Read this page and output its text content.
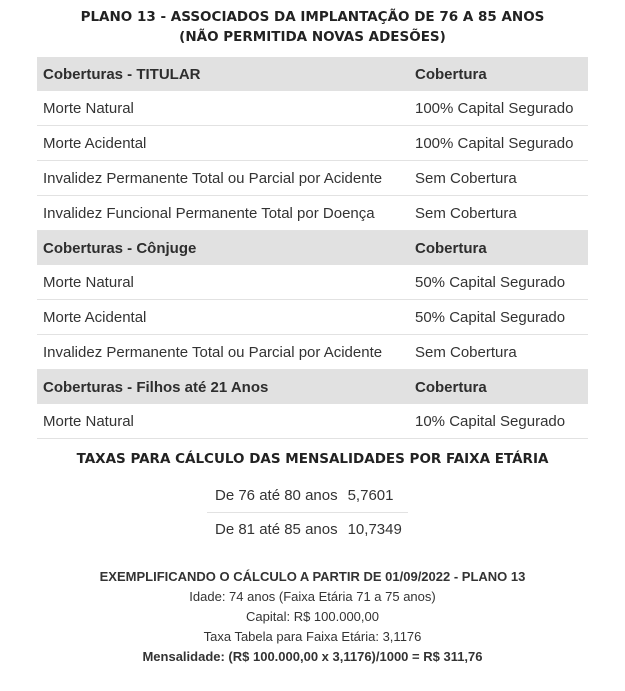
PLANO 13 - ASSOCIADOS DA IMPLANTAÇÃO DE 76 A 85 ANOS
(NÃO PERMITIDA NOVAS ADESÕES)
Coberturas - TITULAR	Cobertura
Morte Natural	100% Capital Segurado
Morte Acidental	100% Capital Segurado
Invalidez Permanente Total ou Parcial por Acidente	Sem Cobertura
Invalidez Funcional Permanente Total por Doença	Sem Cobertura
Coberturas - Cônjuge	Cobertura
Morte Natural	50% Capital Segurado
Morte Acidental	50% Capital Segurado
Invalidez Permanente Total ou Parcial por Acidente	Sem Cobertura
Coberturas - Filhos até 21 Anos	Cobertura
Morte Natural	10% Capital Segurado
TAXAS PARA CÁLCULO DAS MENSALIDADES POR FAIXA ETÁRIA
De 76 até 80 anos	5,7601
De 81 até 85 anos	10,7349
EXEMPLIFICANDO O CÁLCULO A PARTIR DE 01/09/2022 - PLANO 13
Idade: 74 anos (Faixa Etária 71 a 75 anos)
Capital: R$ 100.000,00
Taxa Tabela para Faixa Etária: 3,1176
Mensalidade: (R$ 100.000,00 x 3,1176)/1000 = R$ 311,76
